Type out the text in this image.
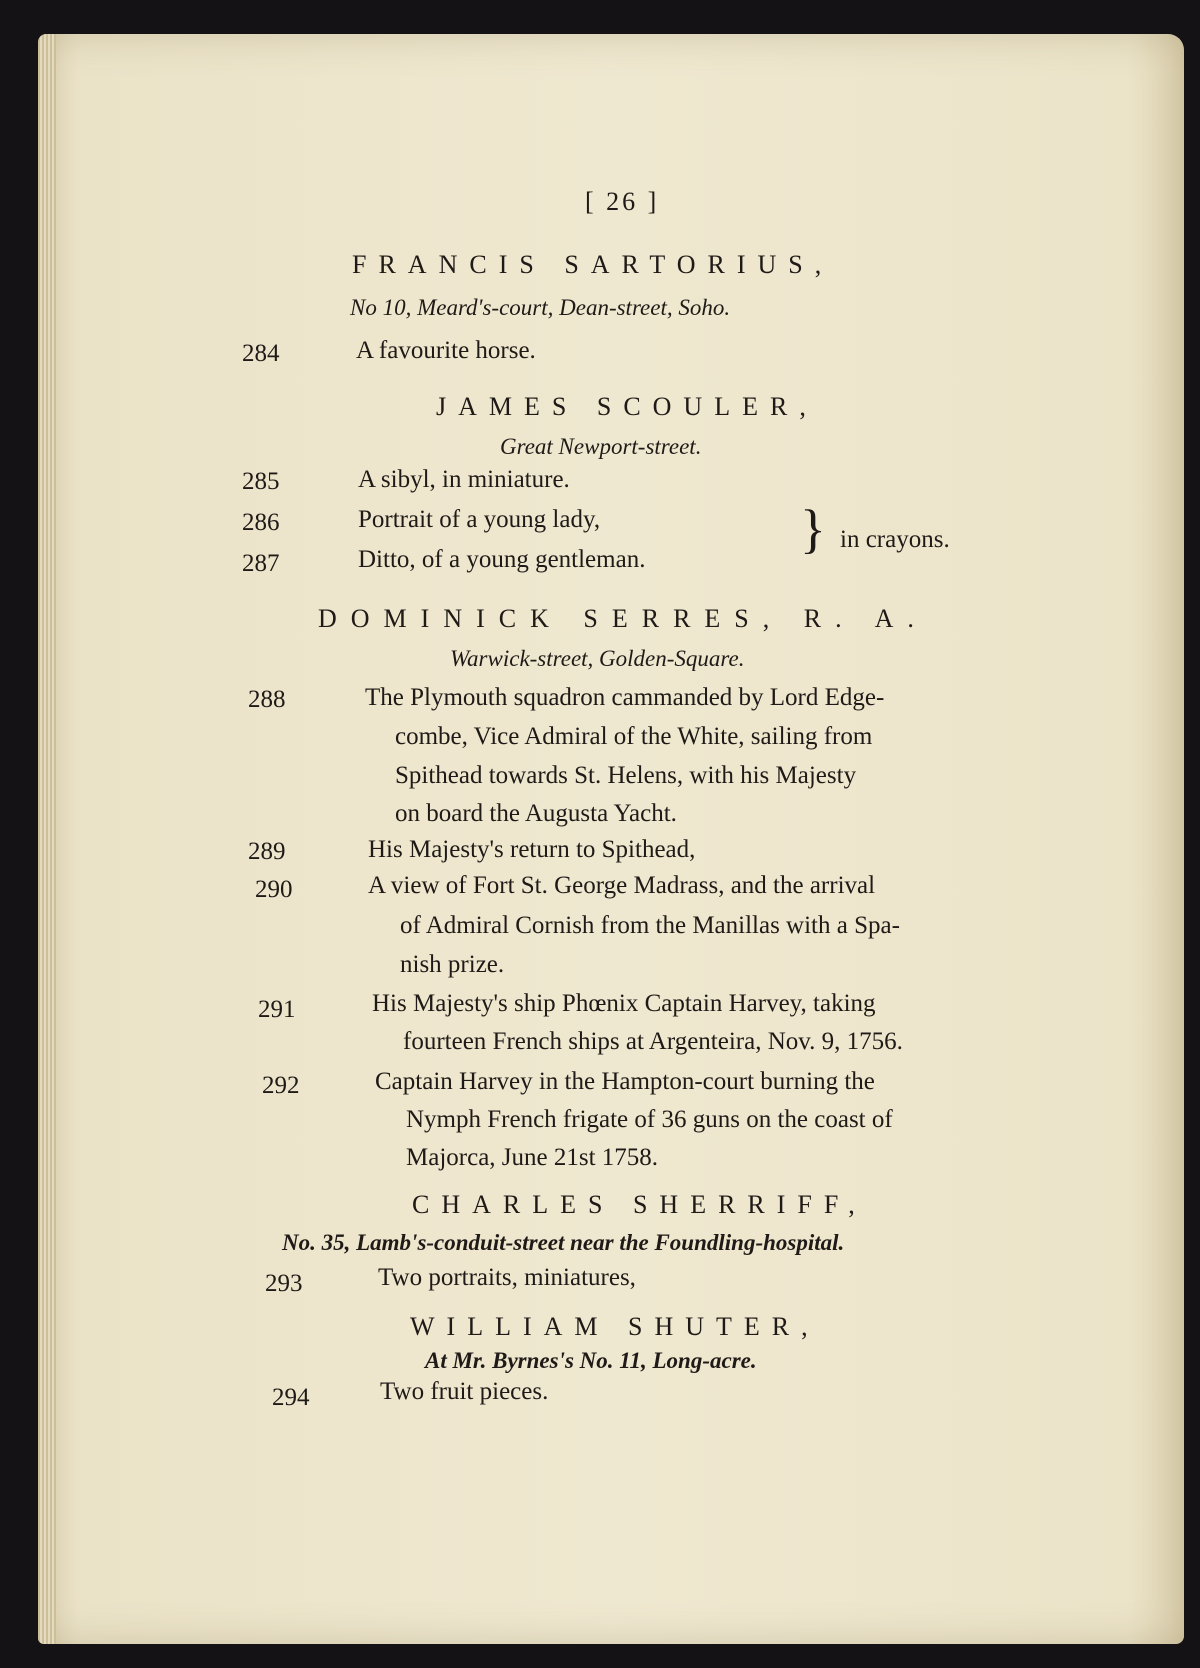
[ 26 ]
FRANCIS SARTORIUS,
No 10, Meard's-court, Dean-street, Soho.
284	A favourite horse.
JAMES SCOULER,
Great Newport-street.
285	A sibyl, in miniature.
286	Portrait of a young lady,
287	Ditto, of a young gentleman.
} in crayons.
DOMINICK SERRES, R. A.
Warwick-street, Golden-Square.
288	The Plymouth squadron cammanded by Lord Edge-
combe, Vice Admiral of the White, sailing from
Spithead towards St. Helens, with his Majesty
on board the Augusta Yacht.
289	His Majesty's return to Spithead,
290	A view of Fort St. George Madrass, and the arrival
of Admiral Cornish from the Manillas with a Spa-
nish prize.
291	His Majesty's ship Phœnix Captain Harvey, taking
fourteen French ships at Argenteira, Nov. 9, 1756.
292	Captain Harvey in the Hampton-court burning the
Nymph French frigate of 36 guns on the coast of
Majorca, June 21st 1758.
CHARLES SHERRIFF,
No. 35, Lamb's-conduit-street near the Foundling-hospital.
293	Two portraits, miniatures,
WILLIAM SHUTER,
At Mr. Byrnes's No. 11, Long-acre.
294	Two fruit pieces.
